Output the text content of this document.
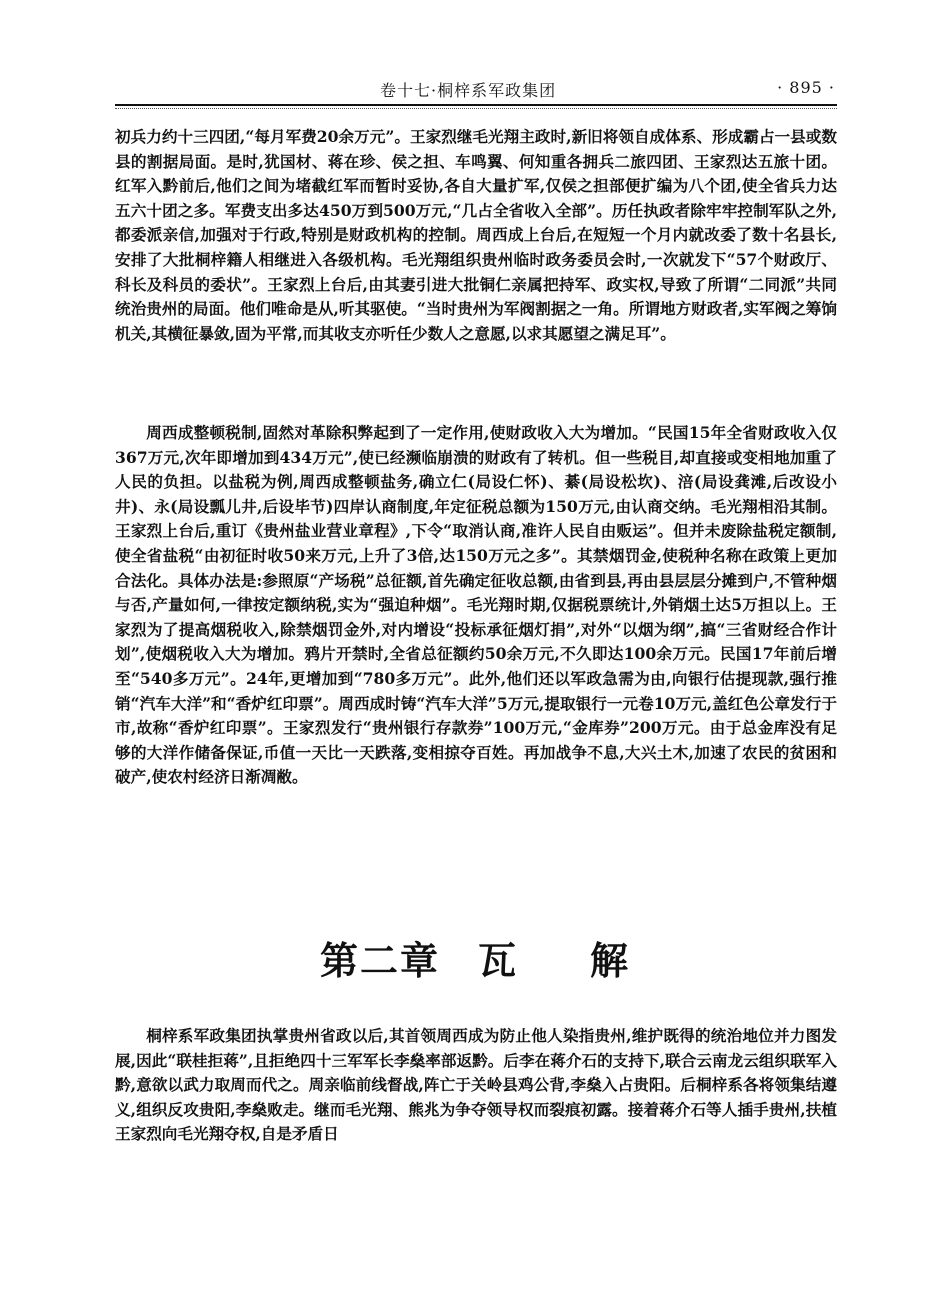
卷十七·桐梓系军政集团	· 895 ·

初兵力约十三四团,“每月军费20余万元”。王家烈继毛光翔主政时,新旧将领自成体系、形成霸占一县或数县的割据局面。是时,犹国材、蒋在珍、侯之担、车鸣翼、何知重各拥兵二旅四团、王家烈达五旅十团。红军入黔前后,他们之间为堵截红军而暂时妥协,各自大量扩军,仅侯之担部便扩编为八个团,使全省兵力达五六十团之多。军费支出多达450万到500万元,“几占全省收入全部”。历任执政者除牢牢控制军队之外,都委派亲信,加强对于行政,特别是财政机构的控制。周西成上台后,在短短一个月内就改委了数十名县长,安排了大批桐梓籍人相继进入各级机构。毛光翔组织贵州临时政务委员会时,一次就发下“57个财政厅、科长及科员的委状”。王家烈上台后,由其妻引进大批铜仁亲属把持军、政实权,导致了所谓“二同派”共同统治贵州的局面。他们唯命是从,听其驱使。“当时贵州为军阀割据之一角。所谓地方财政者,实军阀之筹饷机关,其横征暴敛,固为平常,而其收支亦听任少数人之意愿,以求其愿望之满足耳”。

周西成整顿税制,固然对革除积弊起到了一定作用,使财政收入大为增加。“民国15年全省财政收入仅367万元,次年即增加到434万元”,使已经濒临崩溃的财政有了转机。但一些税目,却直接或变相地加重了人民的负担。以盐税为例,周西成整顿盐务,确立仁(局设仁怀)、綦(局设松坎)、涪(局设龚滩,后改设小井)、永(局设瓢儿井,后设毕节)四岸认商制度,年定征税总额为150万元,由认商交纳。毛光翔相沿其制。王家烈上台后,重订《贵州盐业营业章程》,下令“取消认商,准许人民自由贩运”。但并未废除盐税定额制,使全省盐税“由初征时收50来万元,上升了3倍,达150万元之多”。其禁烟罚金,使税种名称在政策上更加合法化。具体办法是:参照原“产场税”总征额,首先确定征收总额,由省到县,再由县层层分摊到户,不管种烟与否,产量如何,一律按定额纳税,实为“强迫种烟”。毛光翔时期,仅据税票统计,外销烟土达5万担以上。王家烈为了提高烟税收入,除禁烟罚金外,对内增设“投标承征烟灯捐”,对外“以烟为纲”,搞“三省财经合作计划”,使烟税收入大为增加。鸦片开禁时,全省总征额约50余万元,不久即达100余万元。民国17年前后增至“540多万元”。24年,更增加到“780多万元”。此外,他们还以军政急需为由,向银行估提现款,强行推销“汽车大洋”和“香炉红印票”。周西成时铸“汽车大洋”5万元,提取银行一元卷10万元,盖红色公章发行于市,故称“香炉红印票”。王家烈发行“贵州银行存款券”100万元,“金库券”200万元。由于总金库没有足够的大洋作储备保证,币值一天比一天跌落,变相掠夺百姓。再加战争不息,大兴土木,加速了农民的贫困和破产,使农村经济日渐凋敝。

第二章 瓦 解

桐梓系军政集团执掌贵州省政以后,其首领周西成为防止他人染指贵州,维护既得的统治地位并力图发展,因此“联桂拒蒋”,且拒绝四十三军军长李燊率部返黔。后李在蒋介石的支持下,联合云南龙云组织联军入黔,意欲以武力取周而代之。周亲临前线督战,阵亡于关岭县鸡公背,李燊入占贵阳。后桐梓系各将领集结遵义,组织反攻贵阳,李燊败走。继而毛光翔、熊兆为争夺领导权而裂痕初露。接着蒋介石等人插手贵州,扶植王家烈向毛光翔夺权,自是矛盾日
